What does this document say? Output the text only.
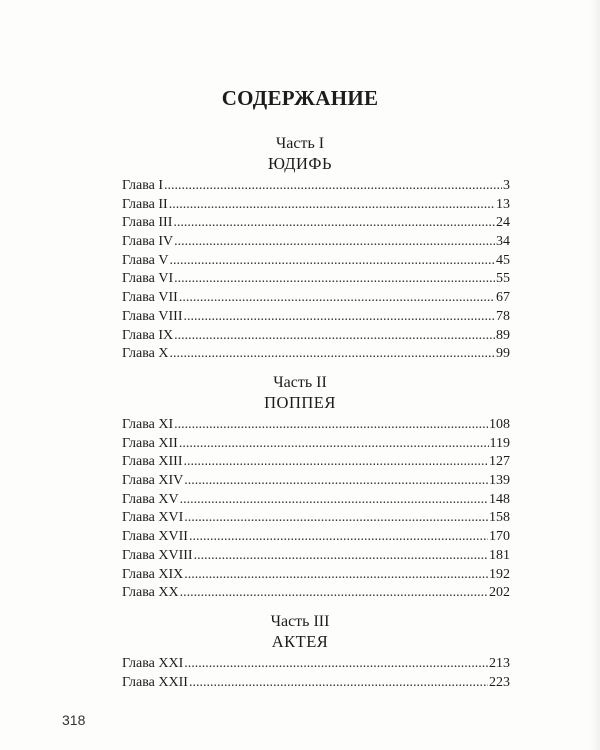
СОДЕРЖАНИЕ
Часть I
ЮДИФЬ
Глава I .....	3
Глава II .....	13
Глава III .....	24
Глава IV .....	34
Глава V .....	45
Глава VI .....	55
Глава VII .....	67
Глава VIII .....	78
Глава IX .....	89
Глава X .....	99
Часть II
ПОППЕЯ
Глава XI .....	108
Глава XII .....	119
Глава XIII .....	127
Глава XIV .....	139
Глава XV .....	148
Глава XVI .....	158
Глава XVII .....	170
Глава XVIII .....	181
Глава XIX .....	192
Глава XX .....	202
Часть III
АКТЕЯ
Глава XXI .....	213
Глава XXII .....	223
318
